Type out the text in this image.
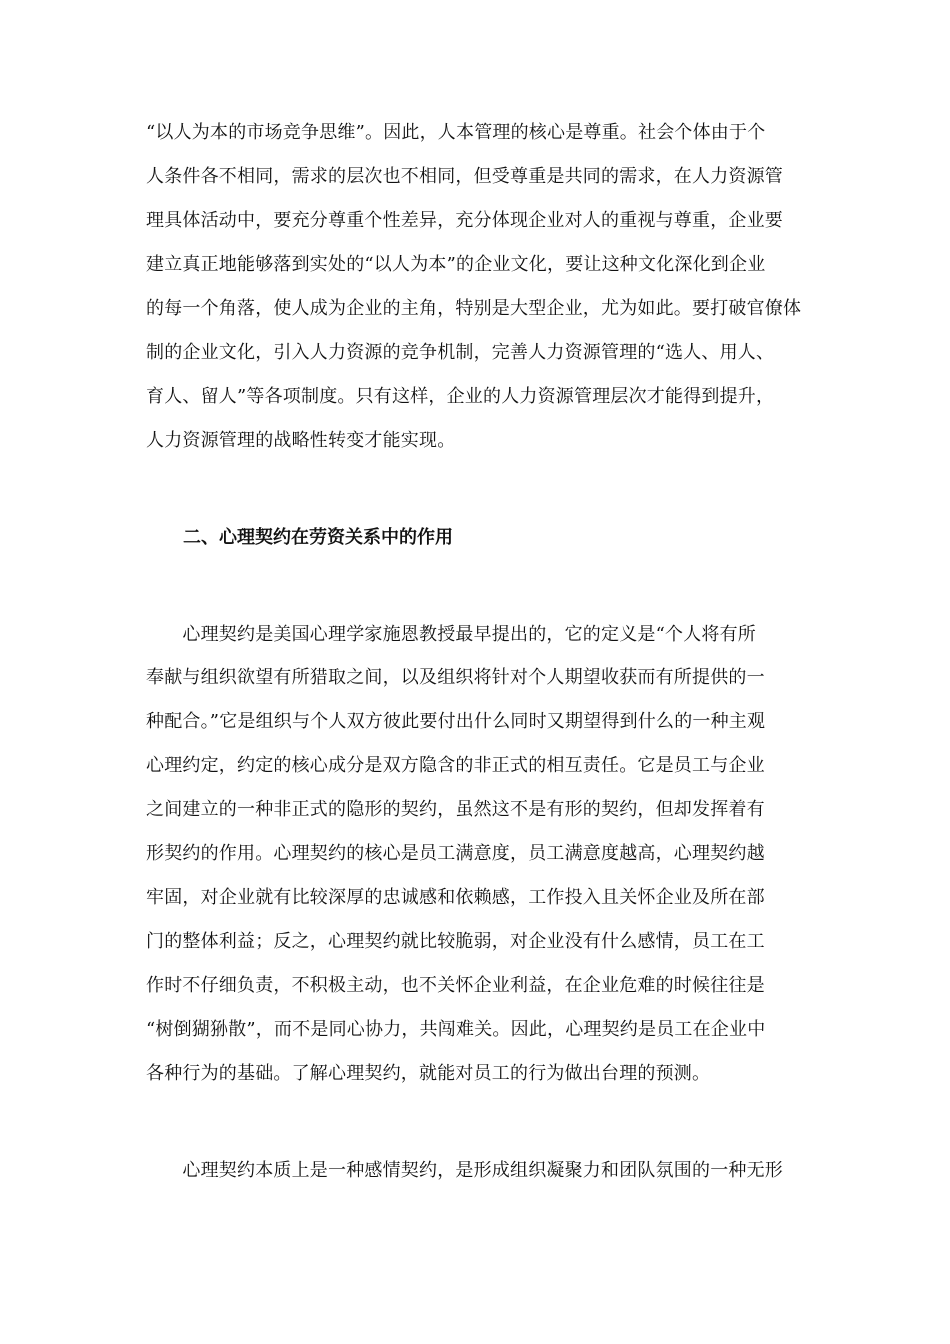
“以人为本的市场竞争思维”。因此，人本管理的核心是尊重。社会个体由于个
人条件各不相同，需求的层次也不相同，但受尊重是共同的需求，在人力资源管
理具体活动中，要充分尊重个性差异，充分体现企业对人的重视与尊重，企业要
建立真正地能够落到实处的“以人为本”的企业文化，要让这种文化深化到企业
的每一个角落，使人成为企业的主角，特别是大型企业，尤为如此。要打破官僚体
制的企业文化，引入人力资源的竞争机制，完善人力资源管理的“选人、用人、
育人、留人”等各项制度。只有这样，企业的人力资源管理层次才能得到提升，
人力资源管理的战略性转变才能实现。
二、心理契约在劳资关系中的作用
　　心理契约是美国心理学家施恩教授最早提出的，它的定义是“个人将有所
奉献与组织欲望有所猎取之间，以及组织将针对个人期望收获而有所提供的一
种配合。”它是组织与个人双方彼此要付出什么同时又期望得到什么的一种主观
心理约定，约定的核心成分是双方隐含的非正式的相互责任。它是员工与企业
之间建立的一种非正式的隐形的契约，虽然这不是有形的契约，但却发挥着有
形契约的作用。心理契约的核心是员工满意度，员工满意度越高，心理契约越
牢固，对企业就有比较深厚的忠诚感和依赖感，工作投入且关怀企业及所在部
门的整体利益；反之，心理契约就比较脆弱，对企业没有什么感情，员工在工
作时不仔细负责，不积极主动，也不关怀企业利益，在企业危难的时候往往是
“树倒猢狲散”，而不是同心协力，共闯难关。因此，心理契约是员工在企业中
各种行为的基础。了解心理契约，就能对员工的行为做出台理的预测。
　　心理契约本质上是一种感情契约，是形成组织凝聚力和团队氛围的一种无形
